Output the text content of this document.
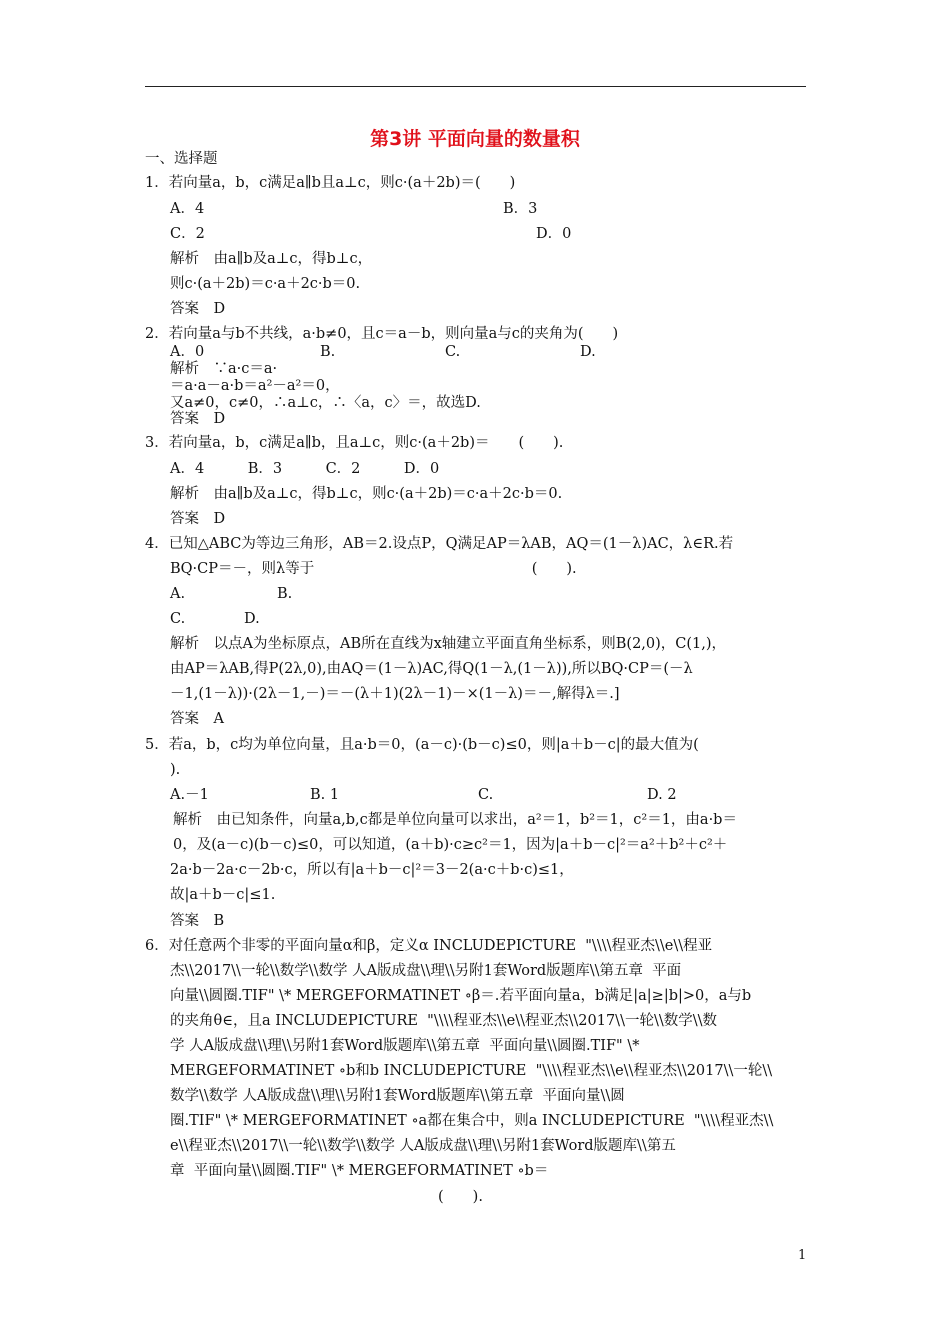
第3讲 平面向量的数量积
一、选择题
1．若向量a，b，c满足a∥b且a⊥c，则c·(a＋2b)＝(　　)
A．4	B．3
C．2	D．0
解析　由a∥b及a⊥c，得b⊥c，
则c·(a＋2b)＝c·a＋2c·b＝0.
答案　D
2．若向量a与b不共线，a·b≠0，且c＝a－b，则向量a与c的夹角为(　　)
A．0	B.	C.	D.
解析　∵a·c＝a·
＝a·a－a·b＝a²－a²＝0，
又a≠0，c≠0，∴a⊥c，∴〈a，c〉＝，故选D.
答案　D
3．若向量a，b，c满足a∥b，且a⊥c，则c·(a＋2b)＝　　(　　).
A．4　　　B．3　　　C．2　　　D．0
解析　由a∥b及a⊥c，得b⊥c，则c·(a＋2b)＝c·a＋2c·b＝0.
答案　D
4．已知△ABC为等边三角形，AB＝2.设点P，Q满足AP＝λAB，AQ＝(1－λ)AC，λ∈R.若
BQ·CP＝－，则λ等于　　　　　　　　　　　　　　　(　　).
A.	B.
C.	D.
解析　以点A为坐标原点，AB所在直线为x轴建立平面直角坐标系，则B(2,0)，C(1,)，
由AP＝λAB,得P(2λ,0),由AQ＝(1－λ)AC,得Q(1－λ,(1－λ)),所以BQ·CP＝(－λ
－1,(1－λ))·(2λ－1,－)＝－(λ＋1)(2λ－1)－×(1－λ)＝－,解得λ＝.]
答案　A
5．若a，b，c均为单位向量，且a·b＝0，(a－c)·(b－c)≤0，则|a＋b－c|的最大值为(
).
A.－1	B. 1	C.	D. 2
解析　由已知条件，向量a,b,c都是单位向量可以求出，a²＝1，b²＝1，c²＝1，由a·b＝
0，及(a－c)(b－c)≤0，可以知道，(a＋b)·c≥c²＝1，因为|a＋b－c|²＝a²＋b²＋c²＋
2a·b－2a·c－2b·c，所以有|a＋b－c|²＝3－2(a·c＋b·c)≤1，
故|a＋b－c|≤1.
答案　B
6．对任意两个非零的平面向量α和β，定义α INCLUDEPICTURE  "\\\\程亚杰\\e\\程亚
杰\\2017\\一轮\\数学\\数学 人A版成盘\\理\\另附1套Word版题库\\第五章  平面
向量\\圆圈.TIF" \* MERGEFORMATINET ∘β＝.若平面向量a，b满足|a|≥|b|>0，a与b
的夹角θ∈，且a INCLUDEPICTURE  "\\\\程亚杰\\e\\程亚杰\\2017\\一轮\\数学\\数
学 人A版成盘\\理\\另附1套Word版题库\\第五章  平面向量\\圆圈.TIF" \*
MERGEFORMATINET ∘b和b INCLUDEPICTURE  "\\\\程亚杰\\e\\程亚杰\\2017\\一轮\\
数学\\数学 人A版成盘\\理\\另附1套Word版题库\\第五章  平面向量\\圆
圈.TIF" \* MERGEFORMATINET ∘a都在集合中，则a INCLUDEPICTURE  "\\\\程亚杰\\
e\\程亚杰\\2017\\一轮\\数学\\数学 人A版成盘\\理\\另附1套Word版题库\\第五
章  平面向量\\圆圈.TIF" \* MERGEFORMATINET ∘b＝
(　　).
1
